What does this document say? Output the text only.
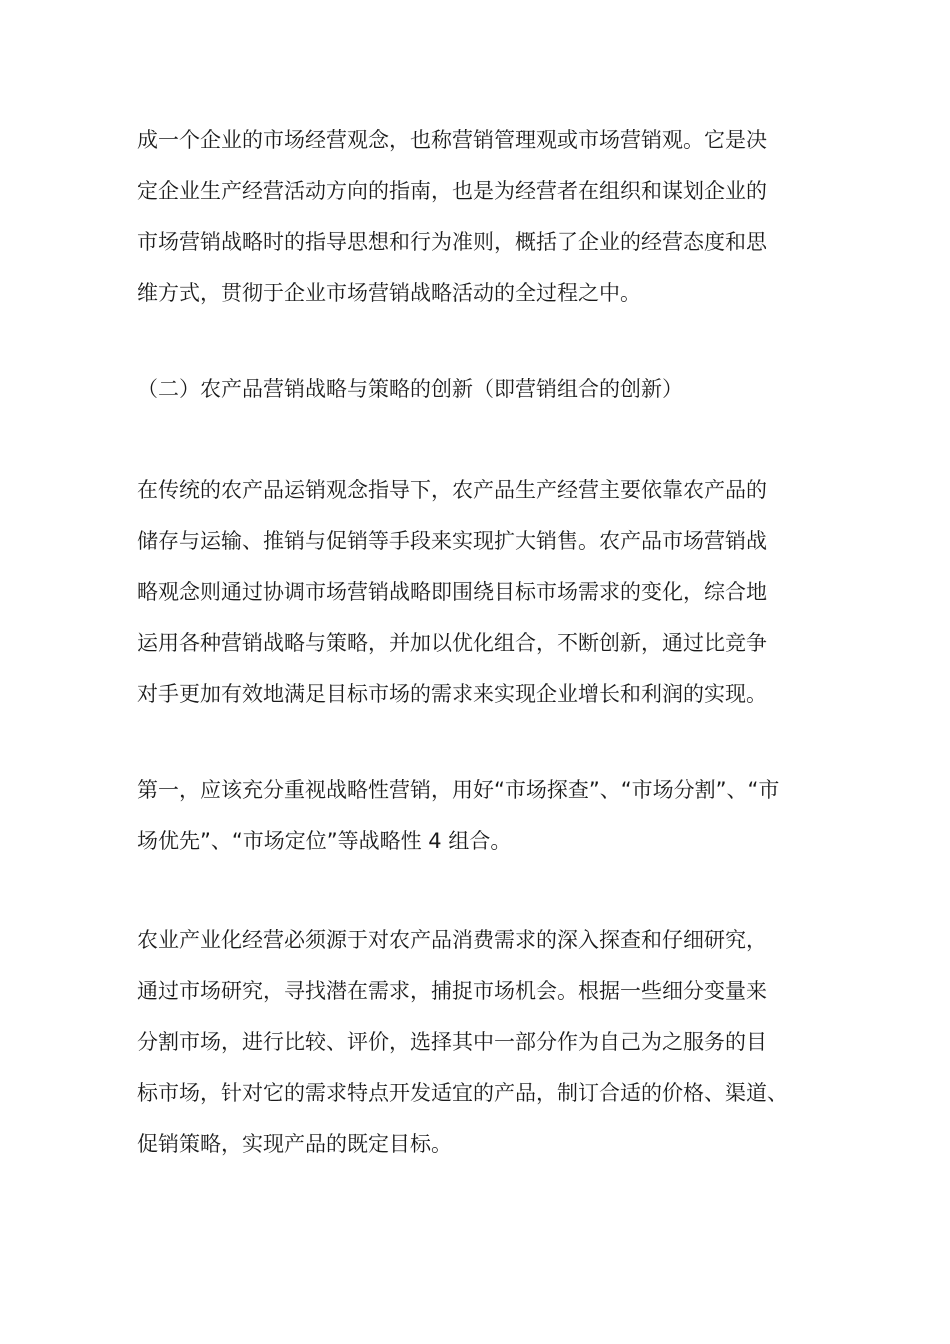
成一个企业的市场经营观念，也称营销管理观或市场营销观。它是决
定企业生产经营活动方向的指南，也是为经营者在组织和谋划企业的
市场营销战略时的指导思想和行为准则，概括了企业的经营态度和思
维方式，贯彻于企业市场营销战略活动的全过程之中。
（二）农产品营销战略与策略的创新（即营销组合的创新）
在传统的农产品运销观念指导下，农产品生产经营主要依靠农产品的
储存与运输、推销与促销等手段来实现扩大销售。农产品市场营销战
略观念则通过协调市场营销战略即围绕目标市场需求的变化，综合地
运用各种营销战略与策略，并加以优化组合，不断创新，通过比竞争
对手更加有效地满足目标市场的需求来实现企业增长和利润的实现。
第一，应该充分重视战略性营销，用好“市场探查”、“市场分割”、“市
场优先”、“市场定位”等战略性 4 组合。
农业产业化经营必须源于对农产品消费需求的深入探查和仔细研究，
通过市场研究，寻找潜在需求，捕捉市场机会。根据一些细分变量来
分割市场，进行比较、评价，选择其中一部分作为自己为之服务的目
标市场，针对它的需求特点开发适宜的产品，制订合适的价格、渠道、
促销策略，实现产品的既定目标。
